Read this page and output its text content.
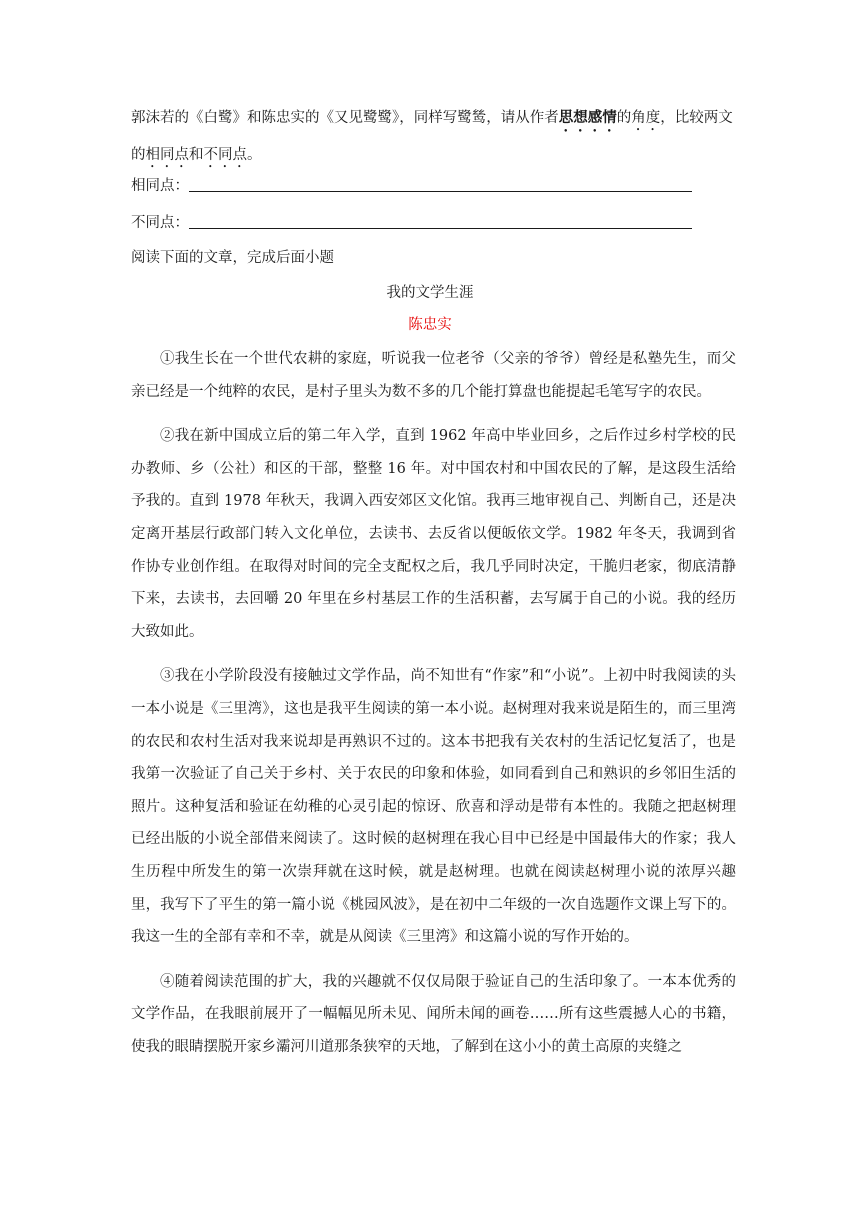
郭沫若的《白鹭》和陈忠实的《又见鹭鹭》，同样写鹭鸶，请从作者思想感情的角度，比较两文的相同点和不同点。

相同点：
不同点：
阅读下面的文章，完成后面小题
我的文学生涯
陈忠实

①我生长在一个世代农耕的家庭，听说我一位老爷（父亲的爷爷）曾经是私塾先生，而父亲已经是一个纯粹的农民，是村子里头为数不多的几个能打算盘也能提起毛笔写字的农民。

②我在新中国成立后的第二年入学，直到 1962 年高中毕业回乡，之后作过乡村学校的民办教师、乡（公社）和区的干部，整整 16 年。对中国农村和中国农民的了解，是这段生活给予我的。直到 1978 年秋天，我调入西安郊区文化馆。我再三地审视自己、判断自己，还是决定离开基层行政部门转入文化单位，去读书、去反省以便皈依文学。1982 年冬天，我调到省作协专业创作组。在取得对时间的完全支配权之后，我几乎同时决定，干脆归老家，彻底清静下来，去读书，去回嚼 20 年里在乡村基层工作的生活积蓄，去写属于自己的小说。我的经历大致如此。

③我在小学阶段没有接触过文学作品，尚不知世有“作家”和“小说”。上初中时我阅读的头一本小说是《三里湾》，这也是我平生阅读的第一本小说。赵树理对我来说是陌生的，而三里湾的农民和农村生活对我来说却是再熟识不过的。这本书把我有关农村的生活记忆复活了，也是我第一次验证了自己关于乡村、关于农民的印象和体验，如同看到自己和熟识的乡邻旧生活的照片。这种复活和验证在幼稚的心灵引起的惊讶、欣喜和浮动是带有本性的。我随之把赵树理已经出版的小说全部借来阅读了。这时候的赵树理在我心目中已经是中国最伟大的作家；我人生历程中所发生的第一次崇拜就在这时候，就是赵树理。也就在阅读赵树理小说的浓厚兴趣里，我写下了平生的第一篇小说《桃园风波》，是在初中二年级的一次自选题作文课上写下的。我这一生的全部有幸和不幸，就是从阅读《三里湾》和这篇小说的写作开始的。

④随着阅读范围的扩大，我的兴趣就不仅仅局限于验证自己的生活印象了。一本本优秀的文学作品，在我眼前展开了一幅幅见所未见、闻所未闻的画卷……所有这些震撼人心的书籍，使我的眼睛摆脱开家乡灞河川道那条狭窄的天地，了解到在这小小的黄土高原的夹缝之
